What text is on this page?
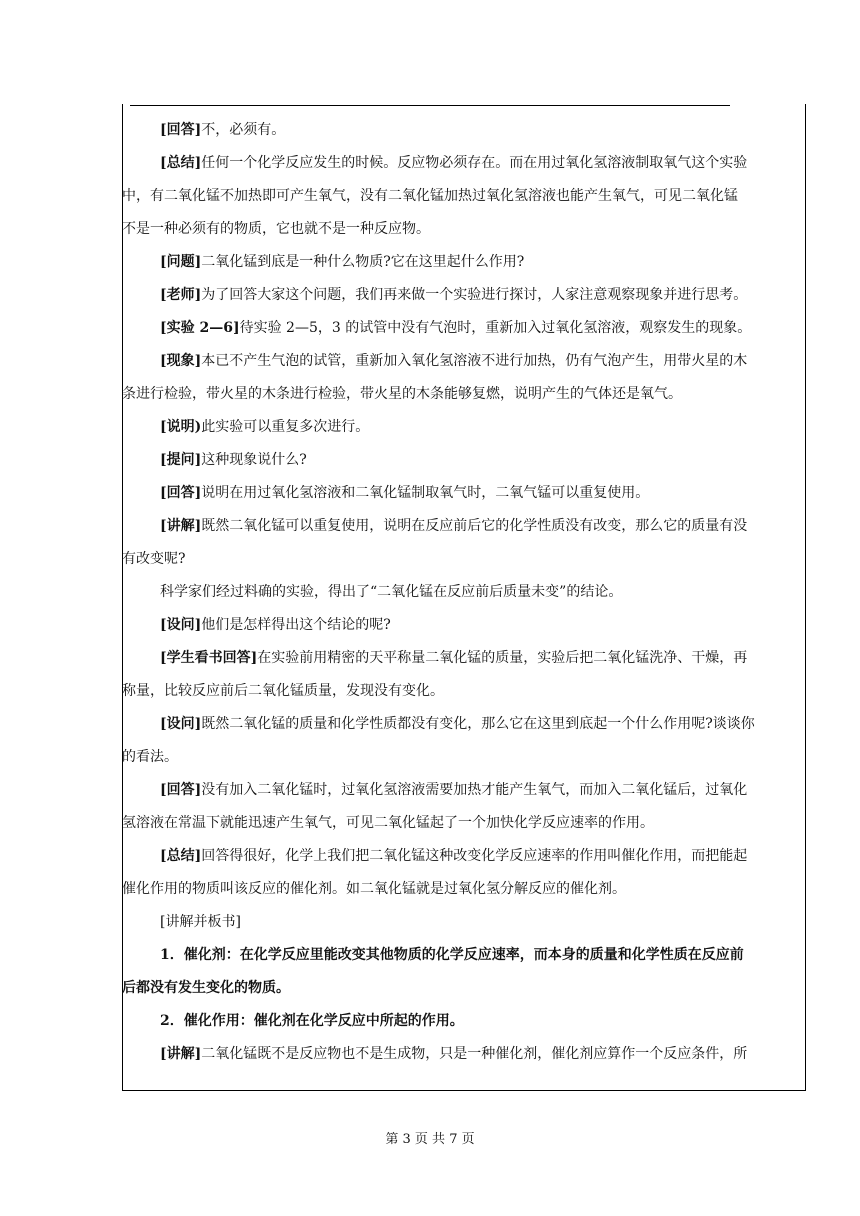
[回答]不，必须有。

[总结]任何一个化学反应发生的时候。反应物必须存在。而在用过氧化氢溶液制取氧气这个实验

中，有二氧化锰不加热即可产生氧气，没有二氧化锰加热过氧化氢溶液也能产生氧气，可见二氧化锰

不是一种必须有的物质，它也就不是一种反应物。

[问题]二氧化锰到底是一种什么物质?它在这里起什么作用?

[老师]为了回答大家这个问题，我们再来做一个实验进行探讨，人家注意观察现象并进行思考。

[实验 2—6]待实验 2—5，3 的试管中没有气泡时，重新加入过氧化氢溶液，观察发生的现象。

[现象]本已不产生气泡的试管，重新加入氧化氢溶液不进行加热，仍有气泡产生，用带火星的木

条进行检验，带火星的木条进行检验，带火星的木条能够复燃，说明产生的气体还是氧气。

[说明)此实验可以重复多次进行。

[提问]这种现象说什么?

[回答]说明在用过氧化氢溶液和二氧化锰制取氧气时，二氧气锰可以重复使用。

[讲解]既然二氧化锰可以重复使用，说明在反应前后它的化学性质没有改变，那么它的质量有没

有改变呢?

科学家们经过料确的实验，得出了“二氧化锰在反应前后质量未变”的结论。

[设问]他们是怎样得出这个结论的呢?

[学生看书回答]在实验前用精密的天平称量二氧化锰的质量，实验后把二氧化锰洗净、干燥，再

称量，比较反应前后二氧化锰质量，发现没有变化。

[设问]既然二氧化锰的质量和化学性质都没有变化，那么它在这里到底起一个什么作用呢?谈谈你

的看法。

[回答]没有加入二氧化锰时，过氧化氢溶液需要加热才能产生氧气，而加入二氧化锰后，过氧化

氢溶液在常温下就能迅速产生氧气，可见二氧化锰起了一个加快化学反应速率的作用。

[总结]回答得很好，化学上我们把二氧化锰这种改变化学反应速率的作用叫催化作用，而把能起

催化作用的物质叫该反应的催化剂。如二氧化锰就是过氧化氢分解反应的催化剂。

[讲解并板书]

1．催化剂：在化学反应里能改变其他物质的化学反应速率，而本身的质量和化学性质在反应前

后都没有发生变化的物质。

2．催化作用：催化剂在化学反应中所起的作用。

[讲解]二氧化锰既不是反应物也不是生成物，只是一种催化剂，催化剂应算作一个反应条件，所

第 3 页 共 7 页
